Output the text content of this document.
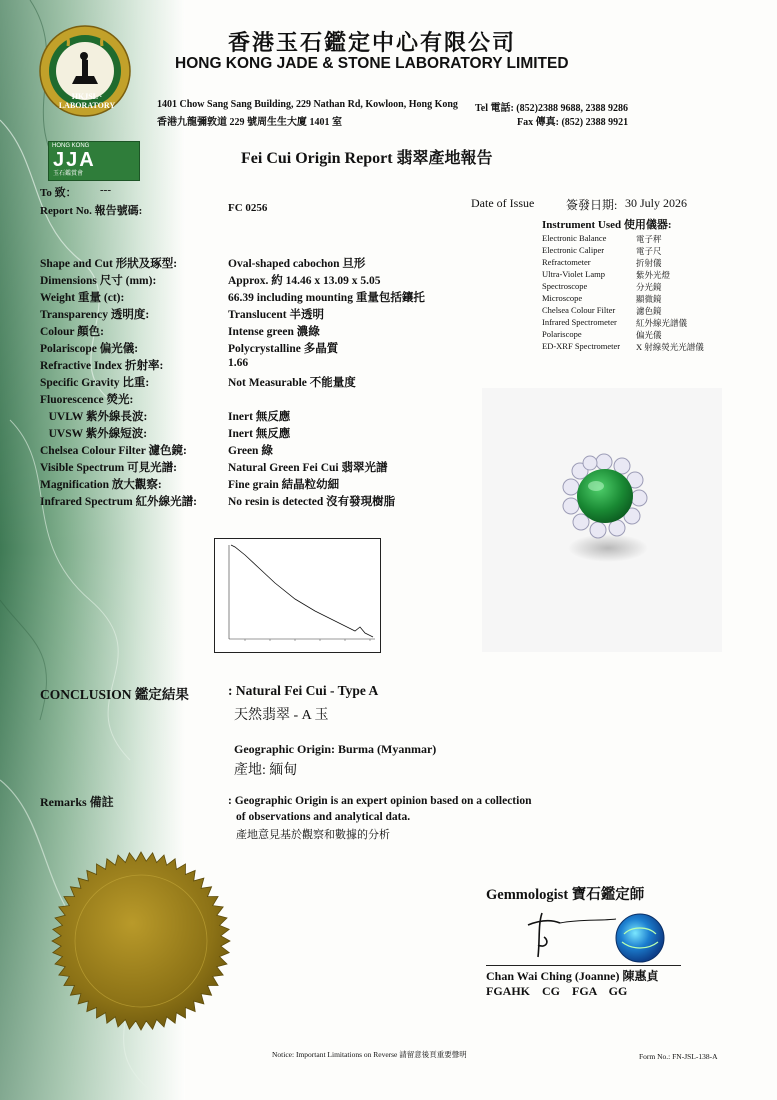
HKJSL · LABORATORY
香港玉石鑑定中心有限公司
HONG KONG JADE & STONE LABORATORY LIMITED
1401 Chow Sang Sang Building, 229 Nathan Rd, Kowloon, Hong Kong Tel 電話: (852)2388 9688, 2388 9286
香港九龍彌敦道 229 號周生生大廈 1401 室	Fax 傳真: (852) 2388 9921
HONG KONG
JJA
玉石鑑賞會
Fei Cui Origin Report 翡翠產地報告
To 致： ---
Report No. 報告號碼:	FC 0256	Date of Issue	簽發日期: 30 July 2026
Instrument Used 使用儀器:
Electronic Balance	電子秤
Electronic Caliper	電子尺
Refractometer	折射儀
Ultra-Violet Lamp	紫外光燈
Spectroscope	分光鏡
Microscope	顯微鏡
Chelsea Colour Filter 濾色鏡
Infrared Spectrometer 紅外線光譜儀
Polariscope	偏光儀
ED-XRF Spectrometer X 射線熒光光譜儀
Shape and Cut 形狀及琢型:	Oval-shaped cabochon 旦形
Dimensions 尺寸 (mm):	Approx. 約 14.46 x 13.09 x 5.05
Weight 重量 (ct):	66.39 including mounting 重量包括鑲托
Transparency 透明度:	Translucent 半透明
Colour 顏色:	Intense green 濃綠
Polariscope 偏光儀:	Polycrystalline 多晶質
Refractive Index 折射率:	1.66
Specific Gravity 比重:	Not Measurable 不能量度
Fluorescence 熒光:
UVLW 紫外線長波:	Inert 無反應
UVSW 紫外線短波:	Inert 無反應
Chelsea Colour Filter 濾色鏡:	Green 綠
Visible Spectrum 可見光譜:	Natural Green Fei Cui 翡翠光譜
Magnification 放大觀察:	Fine grain 結晶粒幼細
Infrared Spectrum 紅外線光譜:	No resin is detected 沒有發現樹脂
CONCLUSION 鑑定結果	: Natural Fei Cui - Type A
天然翡翠 - A 玉
Geographic Origin: Burma (Myanmar)
產地: 緬甸
Remarks 備註	: Geographic Origin is an expert opinion based on a collection
of observations and analytical data.
產地意見基於觀察和數據的分析
Gemmologist 寶石鑑定師
Chan Wai Ching (Joanne) 陳惠貞
FGAHK    CG    FGA    GG
Notice: Important Limitations on Reverse 請留意後頁重要聲明	Form No.: FN-JSL-138-A
